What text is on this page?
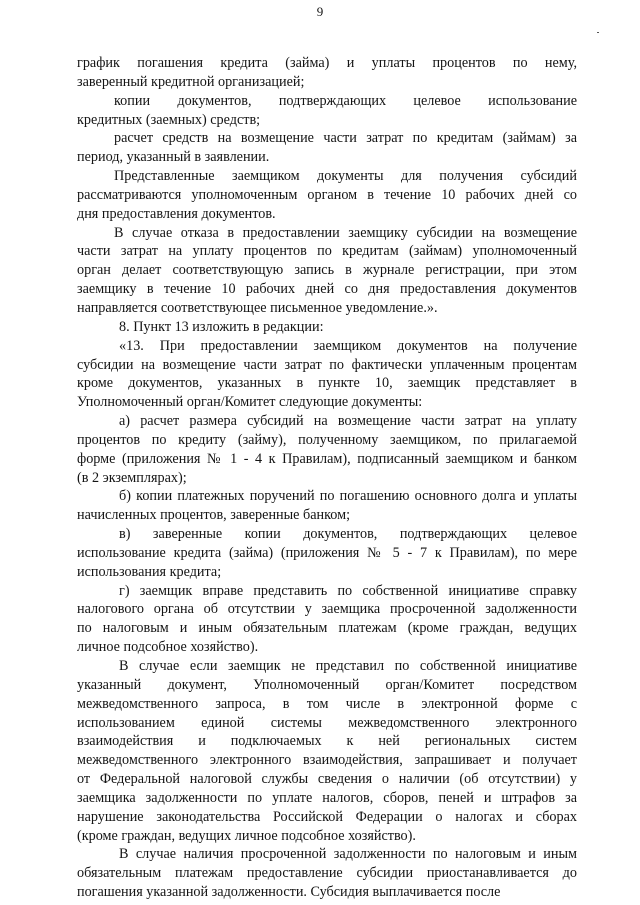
9
график погашения кредита (займа) и уплаты процентов по нему,
заверенный кредитной организацией;
копии документов, подтверждающих целевое использование
кредитных (заемных) средств;
расчет средств на возмещение части затрат по кредитам (займам) за
период, указанный в заявлении.
Представленные заемщиком документы для получения субсидий
рассматриваются уполномоченным органом в течение 10 рабочих дней со
дня предоставления документов.
В случае отказа в предоставлении заемщику субсидии на возмещение
части затрат на уплату процентов по кредитам (займам) уполномоченный
орган делает соответствующую запись в журнале регистрации, при этом
заемщику в течение 10 рабочих дней со дня предоставления документов
направляется соответствующее письменное уведомление.».
8. Пункт 13 изложить в редакции:
«13. При предоставлении заемщиком документов на получение
субсидии на возмещение части затрат по фактически уплаченным процентам
кроме документов, указанных в пункте 10, заемщик представляет в
Уполномоченный орган/Комитет следующие документы:
а) расчет размера субсидий на возмещение части затрат на уплату
процентов по кредиту (займу), полученному заемщиком, по прилагаемой
форме (приложения № 1 - 4 к Правилам), подписанный заемщиком и банком
(в 2 экземплярах);
б) копии платежных поручений по погашению основного долга и уплаты
начисленных процентов, заверенные банком;
в) заверенные копии документов, подтверждающих целевое
использование кредита (займа) (приложения № 5 - 7 к Правилам), по мере
использования кредита;
г) заемщик вправе представить по собственной инициативе справку
налогового органа об отсутствии у заемщика просроченной задолженности
по налоговым и иным обязательным платежам (кроме граждан, ведущих
личное подсобное хозяйство).
В случае если заемщик не представил по собственной инициативе
указанный документ, Уполномоченный орган/Комитет посредством
межведомственного запроса, в том числе в электронной форме с
использованием единой системы межведомственного электронного
взаимодействия и подключаемых к ней региональных систем
межведомственного электронного взаимодействия, запрашивает и получает
от Федеральной налоговой службы сведения о наличии (об отсутствии) у
заемщика задолженности по уплате налогов, сборов, пеней и штрафов за
нарушение законодательства Российской Федерации о налогах и сборах
(кроме граждан, ведущих личное подсобное хозяйство).
В случае наличия просроченной задолженности по налоговым и иным
обязательным платежам предоставление субсидии приостанавливается до
погашения указанной задолженности. Субсидия выплачивается после
